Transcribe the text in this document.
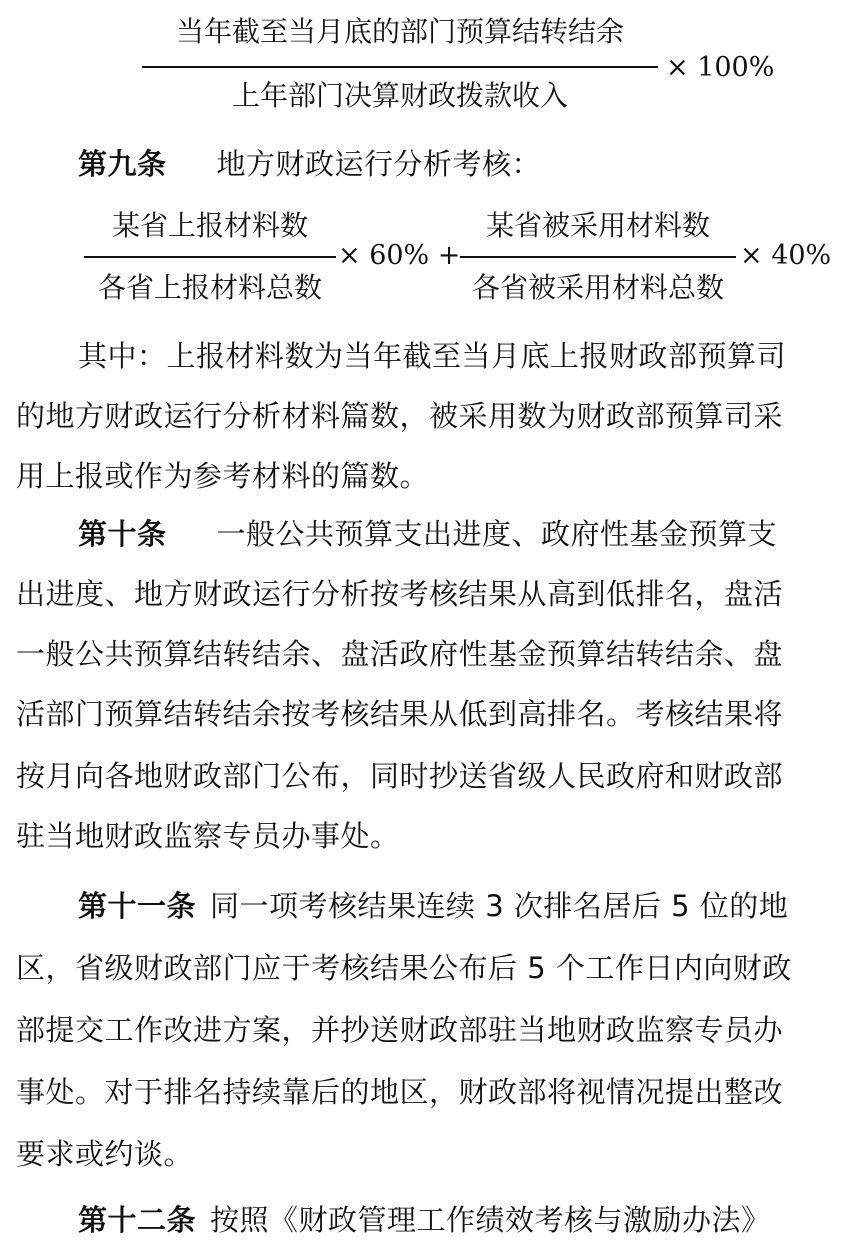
当年截至当月底的部门预算结转结余
上年部门决算财政拨款收入
× 100%
第九条 地方财政运行分析考核：
某省上报材料数
各省上报材料总数
× 60% +
某省被采用材料数
各省被采用材料总数
× 40%
其中：上报材料数为当年截至当月底上报财政部预算司
的地方财政运行分析材料篇数，被采用数为财政部预算司采
用上报或作为参考材料的篇数。
第十条 一般公共预算支出进度、政府性基金预算支
出进度、地方财政运行分析按考核结果从高到低排名，盘活
一般公共预算结转结余、盘活政府性基金预算结转结余、盘
活部门预算结转结余按考核结果从低到高排名。考核结果将
按月向各地财政部门公布，同时抄送省级人民政府和财政部
驻当地财政监察专员办事处。
第十一条 同一项考核结果连续 3 次排名居后 5 位的地
区，省级财政部门应于考核结果公布后 5 个工作日内向财政
部提交工作改进方案，并抄送财政部驻当地财政监察专员办
事处。对于排名持续靠后的地区，财政部将视情况提出整改
要求或约谈。
第十二条 按照《财政管理工作绩效考核与激励办法》
